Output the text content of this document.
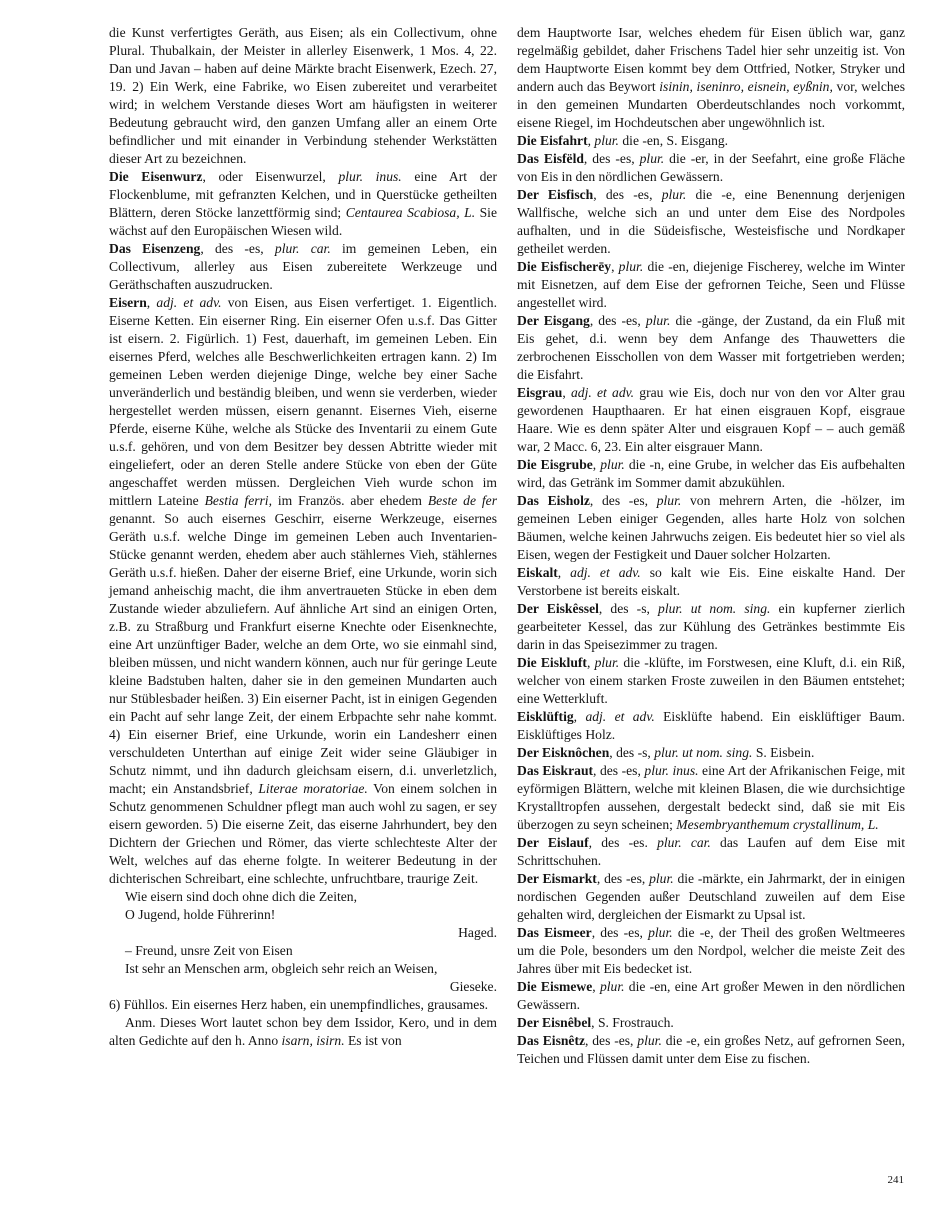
die Kunst verfertigtes Geräth, aus Eisen; als ein Collectivum, ohne Plural. Thubalkain, der Meister in allerley Eisenwerk, 1 Mos. 4, 22. Dan und Javan – haben auf deine Märkte bracht Eisenwerk, Ezech. 27, 19. 2) Ein Werk, eine Fabrike, wo Eisen zubereitet und verarbeitet wird; in welchem Verstande dieses Wort am häufigsten in weiterer Bedeutung gebraucht wird, den ganzen Umfang aller an einem Orte befindlicher und mit einander in Verbindung stehender Werkstätten dieser Art zu bezeichnen.

Die Eisenwurz, oder Eisenwurzel, plur. inus. eine Art der Flockenblume, mit gefranzten Kelchen, und in Querstücke getheilten Blättern, deren Stöcke lanzettförmig sind; Centaurea Scabiosa, L. Sie wächst auf den Europäischen Wiesen wild.

Das Eisenzeng, des -es, plur. car. im gemeinen Leben, ein Collectivum, allerley aus Eisen zubereitete Werkzeuge und Geräthschaften auszudrucken.

Eisern, adj. et adv. von Eisen, aus Eisen verfertiget. 1. Eigentlich. Eiserne Ketten. Ein eiserner Ring. Ein eiserner Ofen u.s.f. Das Gitter ist eisern. 2. Figürlich. 1) Fest, dauerhaft, im gemeinen Leben. Ein eisernes Pferd, welches alle Beschwerlichkeiten ertragen kann. 2) Im gemeinen Leben werden diejenige Dinge, welche bey einer Sache unveränderlich und beständig bleiben, und wenn sie verderben, wieder hergestellet werden müssen, eisern genannt. Eisernes Vieh, eiserne Pferde, eiserne Kühe, welche als Stücke des Inventarii zu einem Gute u.s.f. gehören, und von dem Besitzer bey dessen Abtritte wieder mit eingeliefert, oder an deren Stelle andere Stücke von eben der Güte angeschaffet werden müssen. Dergleichen Vieh wurde schon im mittlern Lateine Bestia ferri, im Französ. aber ehedem Beste de fer genannt. So auch eisernes Geschirr, eiserne Werkzeuge, eisernes Geräth u.s.f. welche Dinge im gemeinen Leben auch Inventarien-Stücke genannt werden, ehedem aber auch stählernes Vieh, stählernes Geräth u.s.f. hießen. Daher der eiserne Brief, eine Urkunde, worin sich jemand anheischig macht, die ihm anvertraueten Stücke in eben dem Zustande wieder abzuliefern. Auf ähnliche Art sind an einigen Orten, z.B. zu Straßburg und Frankfurt eiserne Knechte oder Eisenknechte, eine Art unzünftiger Bader, welche an dem Orte, wo sie einmahl sind, bleiben müssen, und nicht wandern können, auch nur für geringe Leute kleine Badstuben halten, daher sie in den gemeinen Mundarten auch nur Stüblesbader heißen. 3) Ein eiserner Pacht, ist in einigen Gegenden ein Pacht auf sehr lange Zeit, der einem Erbpachte sehr nahe kommt. 4) Ein eiserner Brief, eine Urkunde, worin ein Landesherr einen verschuldeten Unterthan auf einige Zeit wider seine Gläubiger in Schutz nimmt, und ihn dadurch gleichsam eisern, d.i. unverletzlich, macht; ein Anstandsbrief, Literae moratoriae. Von einem solchen in Schutz genommenen Schuldner pflegt man auch wohl zu sagen, er sey eisern geworden. 5) Die eiserne Zeit, das eiserne Jahrhundert, bey den Dichtern der Griechen und Römer, das vierte schlechteste Alter der Welt, welches auf das eherne folgte. In weiterer Bedeutung in der dichterischen Schreibart, eine schlechte, unfruchtbare, traurige Zeit.

Wie eisern sind doch ohne dich die Zeiten,

O Jugend, holde Führerinn!

Haged.

– Freund, unsre Zeit von Eisen

Ist sehr an Menschen arm, obgleich sehr reich an Weisen,

Gieseke.

6) Fühllos. Ein eisernes Herz haben, ein unempfindliches, grausames.

Anm. Dieses Wort lautet schon bey dem Issidor, Kero, und in dem alten Gedichte auf den h. Anno isarn, isirn. Es ist von

dem Hauptworte Isar, welches ehedem für Eisen üblich war, ganz regelmäßig gebildet, daher Frischens Tadel hier sehr unzeitig ist. Von dem Hauptworte Eisen kommt bey dem Ottfried, Notker, Stryker und andern auch das Beywort isinin, iseninro, eisnein, eyßnin, vor, welches in den gemeinen Mundarten Oberdeutschlandes noch vorkommt, eisene Riegel, im Hochdeutschen aber ungewöhnlich ist.

Die Eisfahrt, plur. die -en, S. Eisgang.

Das Eisfëld, des -es, plur. die -er, in der Seefahrt, eine große Fläche von Eis in den nördlichen Gewässern.

Der Eisfisch, des -es, plur. die -e, eine Benennung derjenigen Wallfische, welche sich an und unter dem Eise des Nordpoles aufhalten, und in die Südeisfische, Westeisfische und Nordkaper getheilet werden.

Die Eisfischerēy, plur. die -en, diejenige Fischerey, welche im Winter mit Eisnetzen, auf dem Eise der gefrornen Teiche, Seen und Flüsse angestellet wird.

Der Eisgang, des -es, plur. die -gänge, der Zustand, da ein Fluß mit Eis gehet, d.i. wenn bey dem Anfange des Thauwetters die zerbrochenen Eisschollen von dem Wasser mit fortgetrieben werden; die Eisfahrt.

Eisgrau, adj. et adv. grau wie Eis, doch nur von den vor Alter grau gewordenen Haupthaaren. Er hat einen eisgrauen Kopf, eisgraue Haare. Wie es denn später Alter und eisgrauen Kopf – – auch gemäß war, 2 Macc. 6, 23. Ein alter eisgrauer Mann.

Die Eisgrube, plur. die -n, eine Grube, in welcher das Eis aufbehalten wird, das Getränk im Sommer damit abzukühlen.

Das Eisholz, des -es, plur. von mehrern Arten, die -hölzer, im gemeinen Leben einiger Gegenden, alles harte Holz von solchen Bäumen, welche keinen Jahrwuchs zeigen. Eis bedeutet hier so viel als Eisen, wegen der Festigkeit und Dauer solcher Holzarten.

Eiskalt, adj. et adv. so kalt wie Eis. Eine eiskalte Hand. Der Verstorbene ist bereits eiskalt.

Der Eiskêssel, des -s, plur. ut nom. sing. ein kupferner zierlich gearbeiteter Kessel, das zur Kühlung des Getränkes bestimmte Eis darin in das Speisezimmer zu tragen.

Die Eiskluft, plur. die -klüfte, im Forstwesen, eine Kluft, d.i. ein Riß, welcher von einem starken Froste zuweilen in den Bäumen entstehet; eine Wetterkluft.

Eisklüftig, adj. et adv. Eisklüfte habend. Ein eisklüftiger Baum. Eisklüftiges Holz.

Der Eisknôchen, des -s, plur. ut nom. sing. S. Eisbein.

Das Eiskraut, des -es, plur. inus. eine Art der Afrikanischen Feige, mit eyförmigen Blättern, welche mit kleinen Blasen, die wie durchsichtige Krystalltropfen aussehen, dergestalt bedeckt sind, daß sie mit Eis überzogen zu seyn scheinen; Mesembryanthemum crystallinum, L.

Der Eislauf, des -es. plur. car. das Laufen auf dem Eise mit Schrittschuhen.

Der Eismarkt, des -es, plur. die -märkte, ein Jahrmarkt, der in einigen nordischen Gegenden außer Deutschland zuweilen auf dem Eise gehalten wird, dergleichen der Eismarkt zu Upsal ist.

Das Eismeer, des -es, plur. die -e, der Theil des großen Weltmeeres um die Pole, besonders um den Nordpol, welcher die meiste Zeit des Jahres über mit Eis bedecket ist.

Die Eismewe, plur. die -en, eine Art großer Mewen in den nördlichen Gewässern.

Der Eisnêbel, S. Frostrauch.

Das Eisnêtz, des -es, plur. die -e, ein großes Netz, auf gefrornen Seen, Teichen und Flüssen damit unter dem Eise zu fischen.

241
